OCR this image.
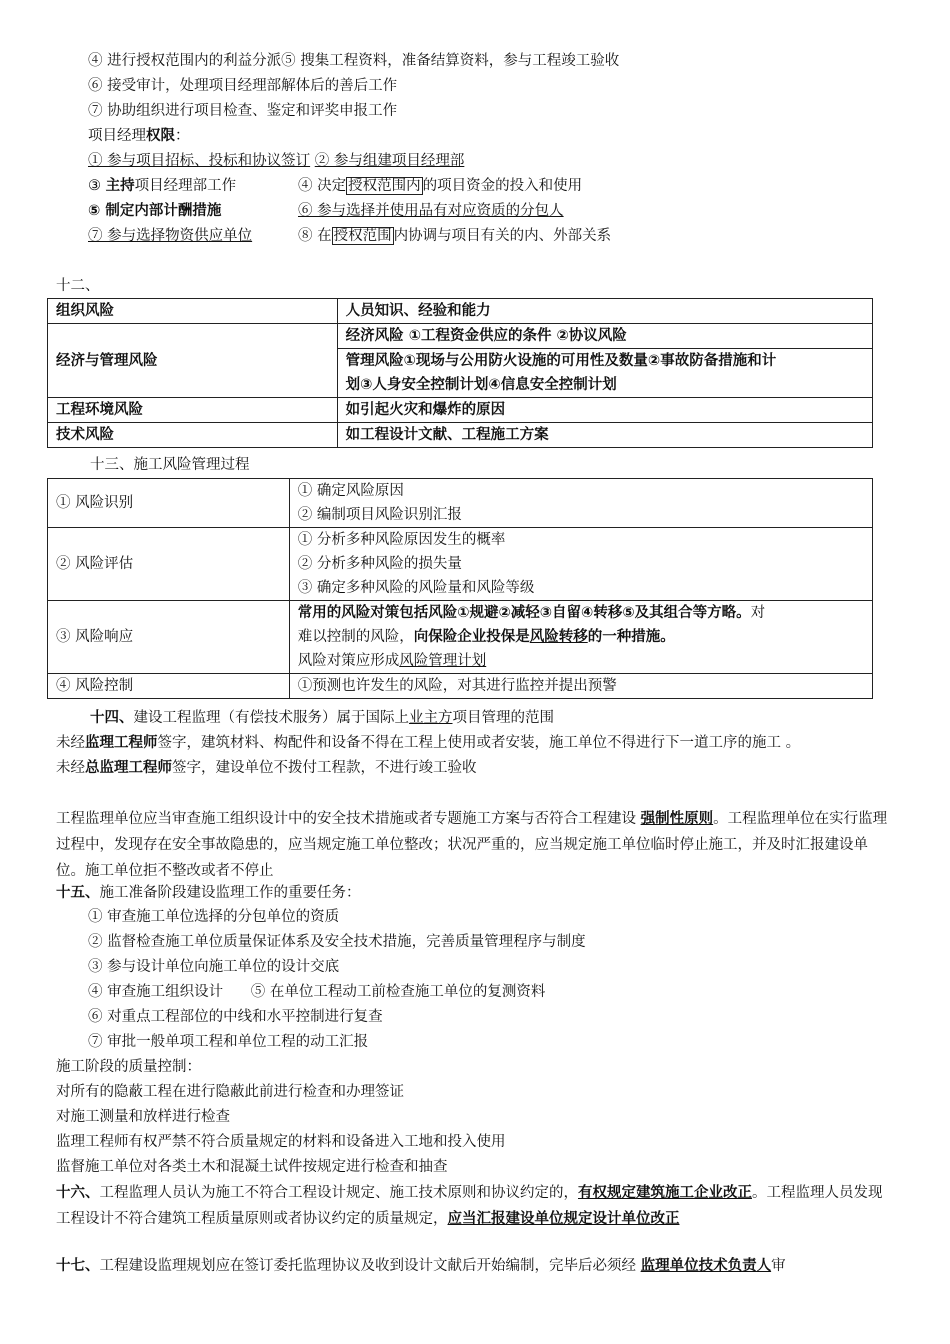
④ 进行授权范围内的利益分派⑤ 搜集工程资料，准备结算资料，参与工程竣工验收
⑥ 接受审计，处理项目经理部解体后的善后工作
⑦ 协助组织进行项目检查、鉴定和评奖申报工作
项目经理权限：
① 参与项目招标、投标和协议签订 ② 参与组建项目经理部
③ 主持项目经理部工作	④ 决定 授权范围内 的项目资金的投入和使用
⑤ 制定内部计酬措施	⑥ 参与选择并使用品有对应资质的分包人
⑦ 参与选择物资供应单位	⑧ 在 授权范围 内协调与项目有关的内、外部关系
十二、
组织风险	人员知识、经验和能力
经济与管理风险	经济风险 ①工程资金供应的条件 ②协议风险

	管理风险①现场与公用防火设施的可用性及数量②事故防备措施和计
划③人身安全控制计划④信息安全控制计划

工程环境风险	如引起火灾和爆炸的原因
技术风险	如工程设计文献、工程施工方案
十三、施工风险管理过程
① 风险识别	① 确定风险原因
② 编制项目风险识别汇报

② 风险评估	① 分析多种风险原因发生的概率
② 分析多种风险的损失量
③ 确定多种风险的风险量和风险等级

③ 风险响应	常用的风险对策包括风险①规避②减轻③自留④转移⑤及其组合等方略。对
难以控制的风险，向保险企业投保是风险转移的一种措施。
风险对策应形成风险管理计划

④ 风险控制	①预测也许发生的风险，对其进行监控并提出预警
十四、建设工程监理（有偿技术服务）属于国际上业主方项目管理的范围
未经监理工程师签字，建筑材料、构配件和设备不得在工程上使用或者安装，施工单位不得进行下一道工序的施工 。
未经总监理工程师签字，建设单位不拨付工程款，不进行竣工验收
工程监理单位应当审查施工组织设计中的安全技术措施或者专题施工方案与否符合工程建设 强制性原则。工程监理单位在实行监理过程中，发现存在安全事故隐患的，应当规定施工单位整改；状况严重的，应当规定施工单位临时停止施工，并及时汇报建设单位。施工单位拒不整改或者不停止
十五、施工准备阶段建设监理工作的重要任务：
① 审查施工单位选择的分包单位的资质
② 监督检查施工单位质量保证体系及安全技术措施，完善质量管理程序与制度
③ 参与设计单位向施工单位的设计交底
④ 审查施工组织设计      ⑤ 在单位工程动工前检查施工单位的复测资料
⑥ 对重点工程部位的中线和水平控制进行复查
⑦ 审批一般单项工程和单位工程的动工汇报
施工阶段的质量控制：
对所有的隐蔽工程在进行隐蔽此前进行检查和办理签证
对施工测量和放样进行检查
监理工程师有权严禁不符合质量规定的材料和设备进入工地和投入使用
监督施工单位对各类土木和混凝土试件按规定进行检查和抽查
十六、工程监理人员认为施工不符合工程设计规定、施工技术原则和协议约定的，有权规定建筑施工企业改正。工程监理人员发现工程设计不符合建筑工程质量原则或者协议约定的质量规定，应当汇报建设单位规定设计单位改正
十七、工程建设监理规划应在签订委托监理协议及收到设计文献后开始编制，完毕后必须经 监理单位技术负责人审
